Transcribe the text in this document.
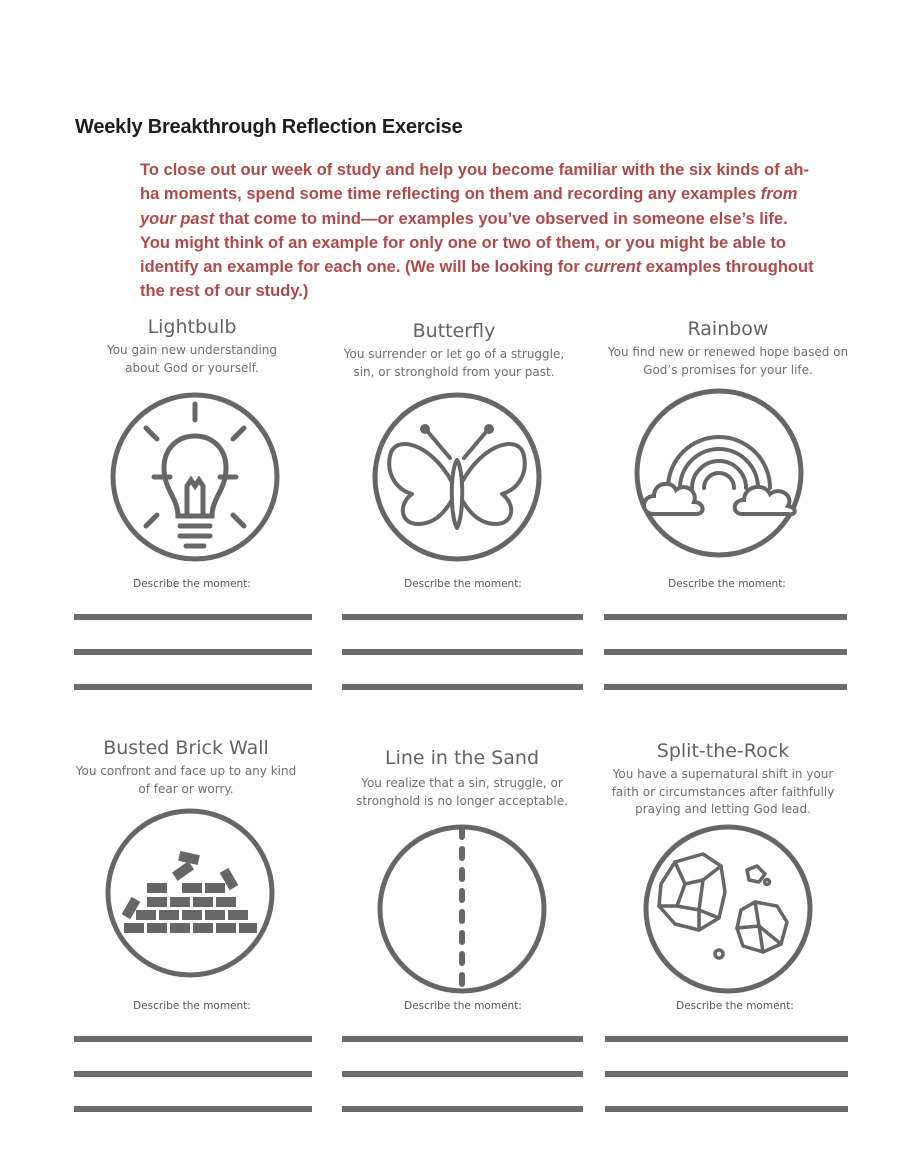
Weekly Breakthrough Reflection Exercise
To close out our week of study and help you become familiar with the six kinds of ah-ha moments, spend some time reflecting on them and recording any examples from your past that come to mind—or examples you’ve observed in someone else’s life. You might think of an example for only one or two of them, or you might be able to identify an example for each one. (We will be looking for current examples throughout the rest of our study.)
Lightbulb
You gain new understanding about God or yourself.
Describe the moment:
Butterfly
You surrender or let go of a struggle, sin, or stronghold from your past.
Describe the moment:
Rainbow
You find new or renewed hope based on God’s promises for your life.
Describe the moment:
Busted Brick Wall
You confront and face up to any kind of fear or worry.
Describe the moment:
Line in the Sand
You realize that a sin, struggle, or stronghold is no longer acceptable.
Describe the moment:
Split-the-Rock
You have a supernatural shift in your faith or circumstances after faithfully praying and letting God lead.
Describe the moment:
